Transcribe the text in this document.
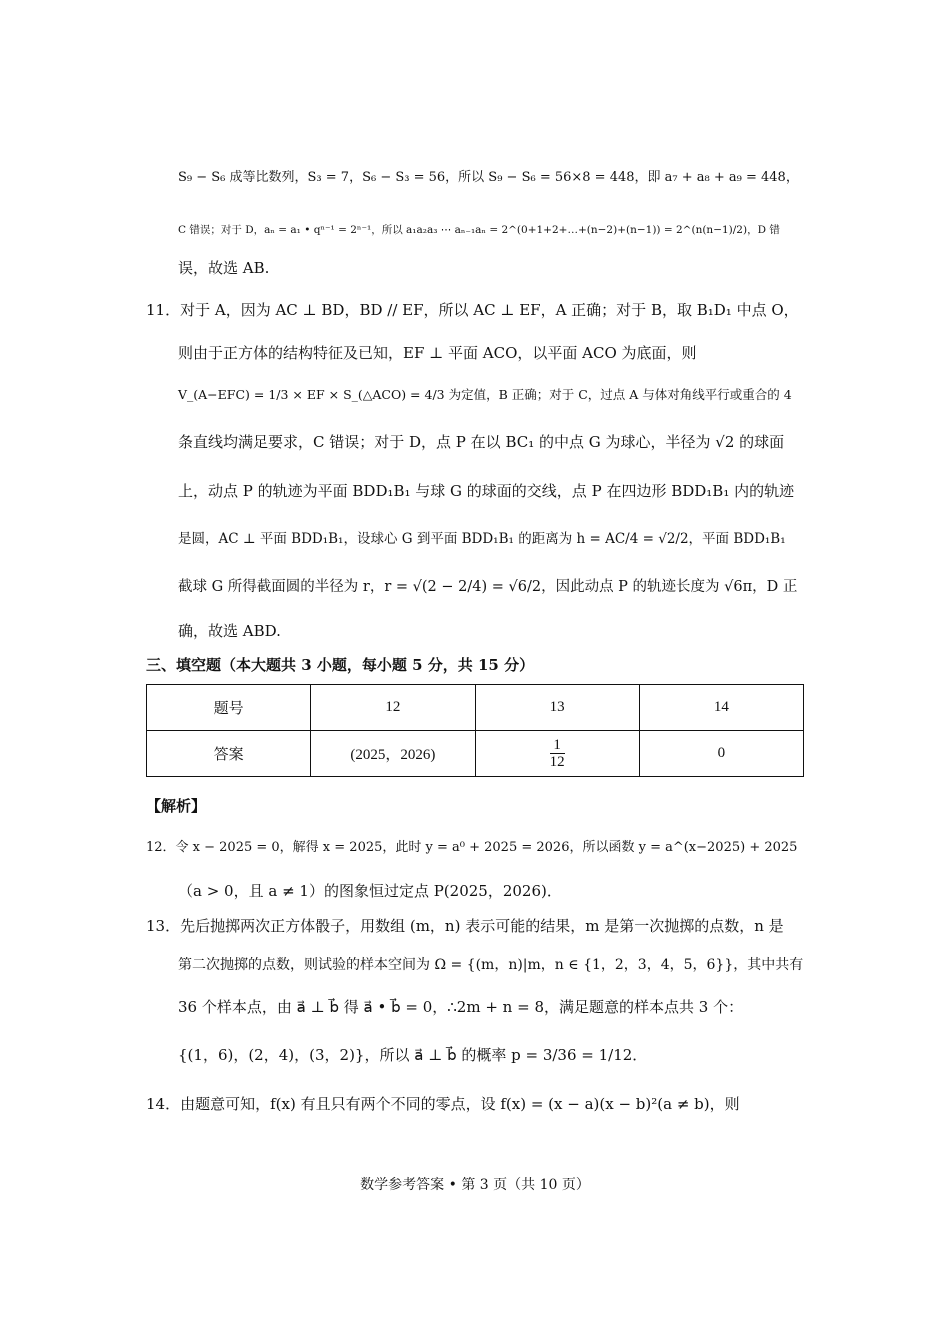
S₉ − S₆ 成等比数列，S₃ = 7，S₆ − S₃ = 56，所以 S₉ − S₆ = 56×8 = 448，即 a₇ + a₈ + a₉ = 448，
C 错误；对于 D，aₙ = a₁ • qⁿ⁻¹ = 2ⁿ⁻¹，所以 a₁a₂a₃ ⋯ aₙ₋₁aₙ = 2^(0+1+2+…+(n−2)+(n−1)) = 2^(n(n−1)/2)，D 错
误，故选 AB.
11．对于 A，因为 AC ⊥ BD，BD // EF，所以 AC ⊥ EF，A 正确；对于 B，取 B₁D₁ 中点 O，
则由于正方体的结构特征及已知，EF ⊥ 平面 ACO，以平面 ACO 为底面，则
V_(A−EFC) = 1/3 × EF × S_(△ACO) = 4/3 为定值，B 正确；对于 C，过点 A 与体对角线平行或重合的 4
条直线均满足要求，C 错误；对于 D，点 P 在以 BC₁ 的中点 G 为球心，半径为 √2 的球面
上，动点 P 的轨迹为平面 BDD₁B₁ 与球 G 的球面的交线，点 P 在四边形 BDD₁B₁ 内的轨迹
是圆，AC ⊥ 平面 BDD₁B₁，设球心 G 到平面 BDD₁B₁ 的距离为 h = AC/4 = √2/2，平面 BDD₁B₁
截球 G 所得截面圆的半径为 r，r = √(2 − 2/4) = √6/2，因此动点 P 的轨迹长度为 √6π，D 正
确，故选 ABD.
三、填空题（本大题共 3 小题，每小题 5 分，共 15 分）
题号	12	13	14
答案	(2025，2026)	$\frac{1}{12}$	0
【解析】
12．令 x − 2025 = 0，解得 x = 2025，此时 y = a⁰ + 2025 = 2026，所以函数 y = a^(x−2025) + 2025
（a > 0，且 a ≠ 1）的图象恒过定点 P(2025，2026)．
13．先后抛掷两次正方体骰子，用数组 (m，n) 表示可能的结果，m 是第一次抛掷的点数，n 是
第二次抛掷的点数，则试验的样本空间为 Ω = {(m，n)|m，n ∈ {1，2，3，4，5，6}}，其中共有
36 个样本点，由 a⃗ ⊥ b⃗ 得 a⃗ • b⃗ = 0，∴2m + n = 8，满足题意的样本点共 3 个：
{(1，6)，(2，4)，(3，2)}，所以 a⃗ ⊥ b⃗ 的概率 p = 3/36 = 1/12．
14．由题意可知，f(x) 有且只有两个不同的零点，设 f(x) = (x − a)(x − b)²(a ≠ b)，则
数学参考答案 • 第 3 页（共 10 页）
